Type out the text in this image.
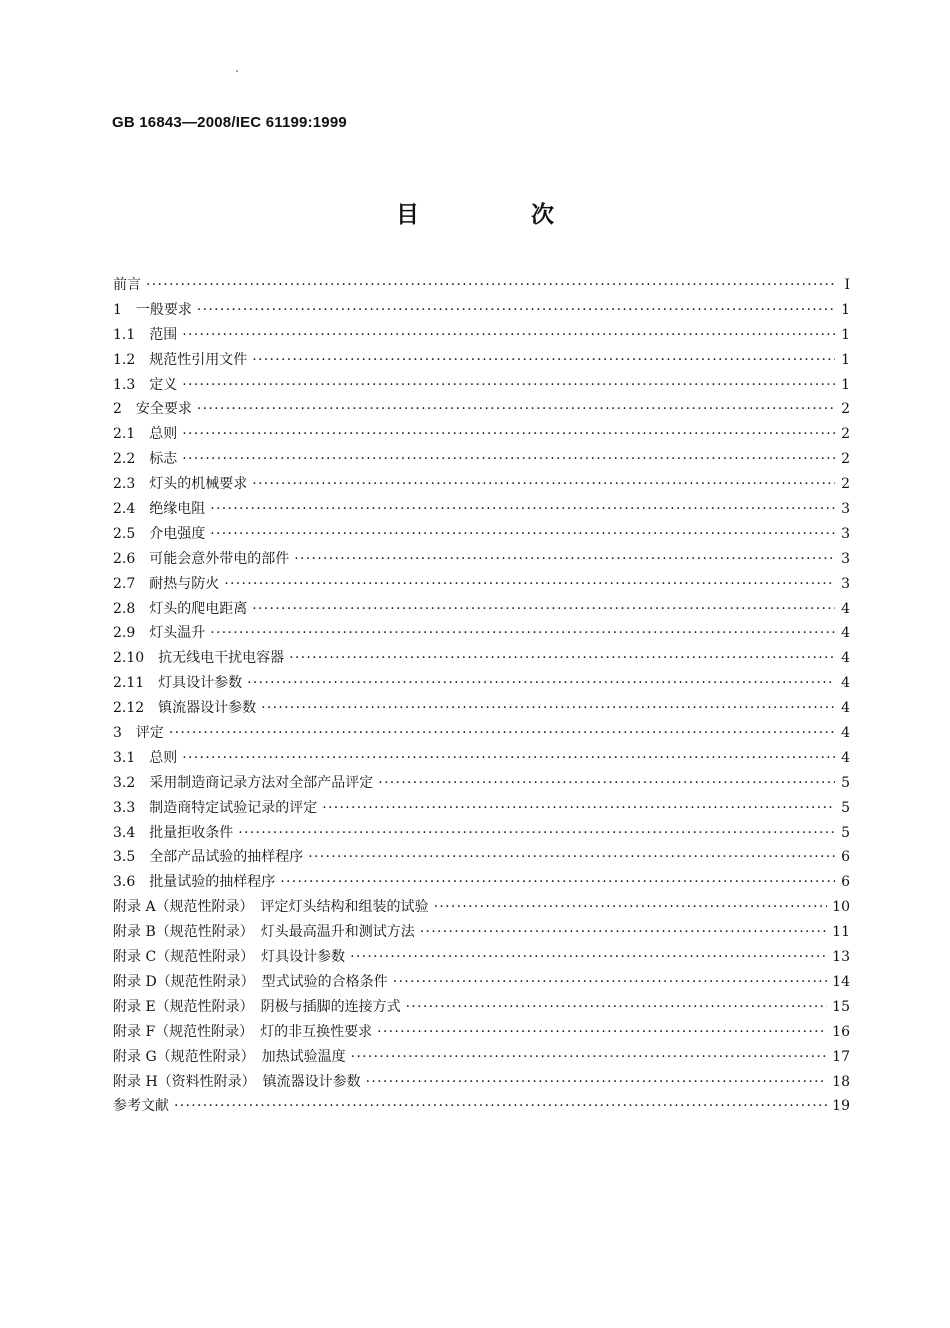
GB 16843—2008/IEC 61199:1999
目 次
前言 ·····	Ⅰ
1　一般要求 ·····	1
1.1　范围 ·····	1
1.2　规范性引用文件 ·····	1
1.3　定义 ·····	1
2　安全要求 ·····	2
2.1　总则 ·····	2
2.2　标志 ·····	2
2.3　灯头的机械要求 ·····	2
2.4　绝缘电阻 ·····	3
2.5　介电强度 ·····	3
2.6　可能会意外带电的部件 ·····	3
2.7　耐热与防火 ·····	3
2.8　灯头的爬电距离 ·····	4
2.9　灯头温升 ·····	4
2.10　抗无线电干扰电容器 ·····	4
2.11　灯具设计参数 ·····	4
2.12　镇流器设计参数 ·····	4
3　评定 ·····	4
3.1　总则 ·····	4
3.2　采用制造商记录方法对全部产品评定 ·····	5
3.3　制造商特定试验记录的评定 ·····	5
3.4　批量拒收条件 ·····	5
3.5　全部产品试验的抽样程序 ·····	6
3.6　批量试验的抽样程序 ·····	6
附录 A（规范性附录）　评定灯头结构和组装的试验 ·····	10
附录 B（规范性附录）　灯头最高温升和测试方法 ·····	11
附录 C（规范性附录）　灯具设计参数 ·····	13
附录 D（规范性附录）　型式试验的合格条件 ·····	14
附录 E（规范性附录）　阴极与插脚的连接方式 ·····	15
附录 F（规范性附录）　灯的非互换性要求 ·····	16
附录 G（规范性附录）　加热试验温度 ·····	17
附录 H（资料性附录）　镇流器设计参数 ·····	18
参考文献 ·····	19
